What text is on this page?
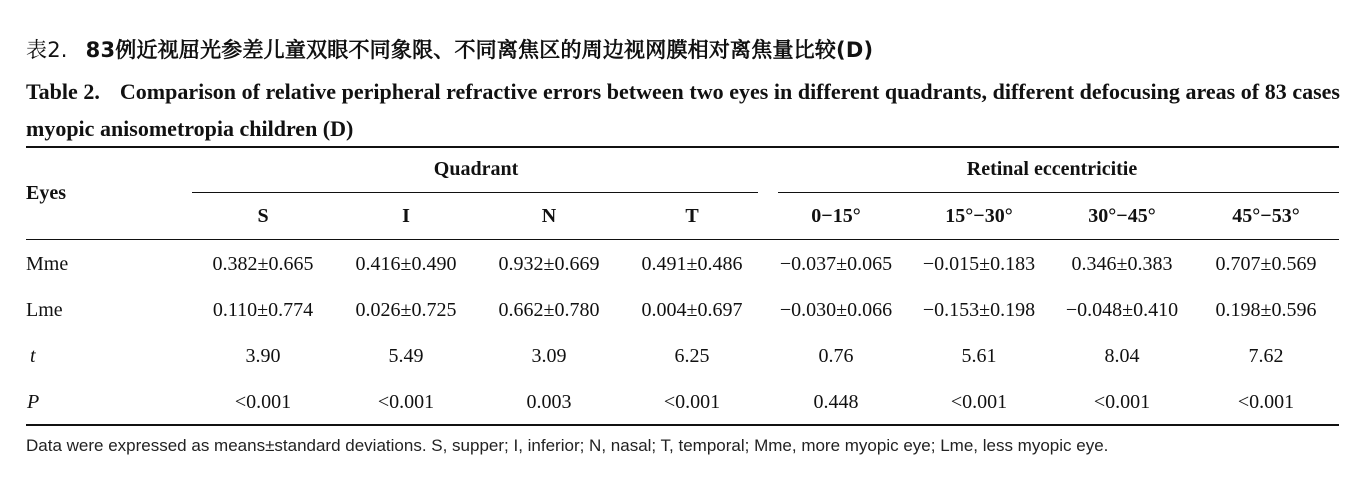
表2. 83例近视屈光参差儿童双眼不同象限、不同离焦区的周边视网膜相对离焦量比较(D)
Table 2. Comparison of relative peripheral refractive errors between two eyes in different quadrants, different defocusing areas of 83 cases myopic anisometropia children (D)
Eyes
Quadrant	Retinal eccentricitie
S	I	N	T	0−15°	15°−30°	30°−45°	45°−53°
Mme	0.382±0.665 0.416±0.490 0.932±0.669 0.491±0.486 −0.037±0.065 −0.015±0.183 0.346±0.383 0.707±0.569
Lme	0.110±0.774 0.026±0.725 0.662±0.780 0.004±0.697 −0.030±0.066 −0.153±0.198 −0.048±0.410 0.198±0.596
t	3.90	5.49	3.09	6.25	0.76	5.61	8.04	7.62
P	<0.001	<0.001	0.003	<0.001	0.448	<0.001	<0.001	<0.001
Data were expressed as means±standard deviations. S, supper; I, inferior; N, nasal; T, temporal; Mme, more myopic eye; Lme, less myopic eye.
